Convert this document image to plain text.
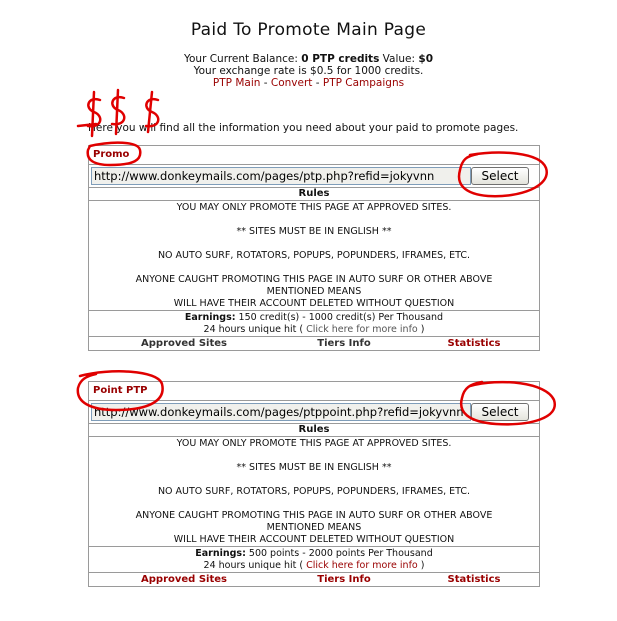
Paid To Promote Main Page
Your Current Balance: 0 PTP credits Value: $0
Your exchange rate is $0.5 for 1000 credits.
PTP Main - Convert - PTP Campaigns
Here you will find all the information you need about your paid to promote pages.
Promo
http://www.donkeymails.com/pages/ptp.php?refid=jokyvnn
Select
Rules
YOU MAY ONLY PROMOTE THIS PAGE AT APPROVED SITES.
** SITES MUST BE IN ENGLISH **
NO AUTO SURF, ROTATORS, POPUPS, POPUNDERS, IFRAMES, ETC.
ANYONE CAUGHT PROMOTING THIS PAGE IN AUTO SURF OR OTHER ABOVE
MENTIONED MEANS
WILL HAVE THEIR ACCOUNT DELETED WITHOUT QUESTION
Earnings: 150 credit(s) - 1000 credit(s) Per Thousand
24 hours unique hit ( Click here for more info )
Approved Sites	Tiers Info	Statistics
Point PTP
http://www.donkeymails.com/pages/ptppoint.php?refid=jokyvnn
Select
Rules
YOU MAY ONLY PROMOTE THIS PAGE AT APPROVED SITES.
** SITES MUST BE IN ENGLISH **
NO AUTO SURF, ROTATORS, POPUPS, POPUNDERS, IFRAMES, ETC.
ANYONE CAUGHT PROMOTING THIS PAGE IN AUTO SURF OR OTHER ABOVE
MENTIONED MEANS
WILL HAVE THEIR ACCOUNT DELETED WITHOUT QUESTION
Earnings: 500 points - 2000 points Per Thousand
24 hours unique hit ( Click here for more info )
Approved Sites	Tiers Info	Statistics
